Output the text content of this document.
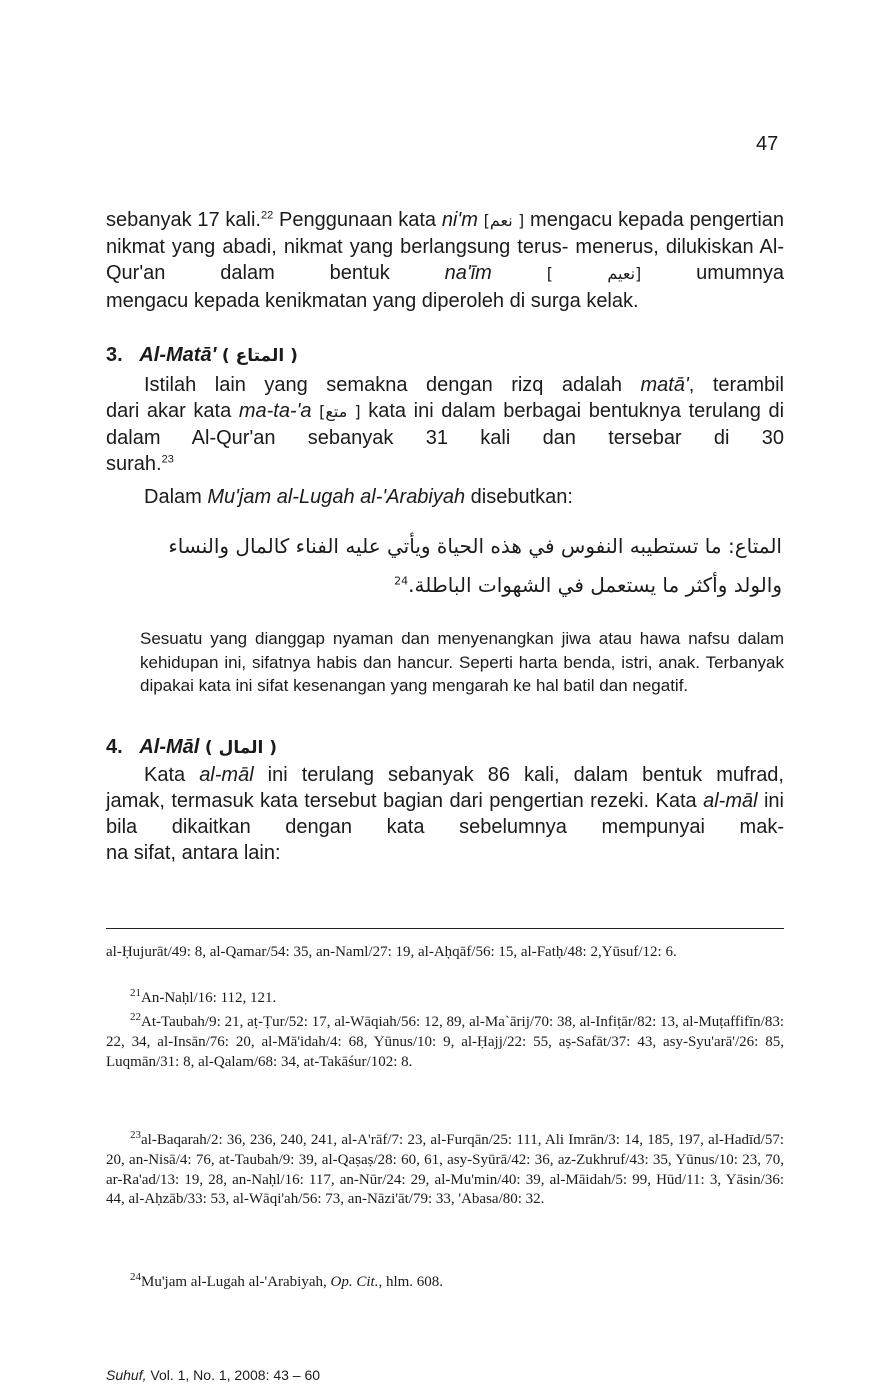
47
sebanyak 17 kali.$^{22}$ Penggunaan kata ni'm [نعم ] mengacu kepada pengertian nikmat yang abadi, nikmat yang berlangsung terus- menerus, dilukiskan Al-Qur'an dalam bentuk na'īm	[ نعيم] umumnya
mengacu kepada kenikmatan yang diperoleh di surga kelak.
3. Al-Matā' ( المتاع )
Istilah lain yang semakna dengan rizq adalah matā', terambil
dari akar kata ma-ta-'a [متع ] kata ini dalam berbagai bentuknya terulang di dalam Al-Qur'an sebanyak 31 kali dan tersebar di 30
surah.$^{23}$
Dalam Mu'jam al-Lugah al-'Arabiyah disebutkan:
المتاع: ما تستطيبه النفوس في هذه الحياة ويأتي عليه الفناء كالمال والنساء
والولد وأكثر ما يستعمل في الشهوات الباطلة.$^{24}$

Sesuatu yang dianggap nyaman dan menyenangkan jiwa atau hawa nafsu dalam kehidupan ini, sifatnya habis dan hancur. Seperti harta benda, istri, anak. Terbanyak dipakai kata ini sifat kesenangan yang mengarah ke hal batil dan negatif.

4. Al-Māl ( المال )
Kata al-māl ini terulang sebanyak 86 kali, dalam bentuk mufrad,
jamak, termasuk kata tersebut bagian dari pengertian rezeki. Kata al-māl ini bila dikaitkan dengan kata sebelumnya mempunyai mak-
na sifat, antara lain:

al-Ḥujurāt/49: 8, al-Qamar/54: 35, an-Naml/27: 19, al-Aḥqāf/56: 15, al-Fatḥ/48: 2,Yūsuf/12: 6.

$^{21}$An-Naḥl/16: 112, 121.

$^{22}$At-Taubah/9: 21, aṭ-Ṭur/52: 17, al-Wāqiah/56: 12, 89, al-Ma`ārij/70: 38, al-Infiṭār/82: 13, al-Muṭaffifīn/83: 22, 34, al-Insān/76: 20, al-Mā'idah/4: 68, Yūnus/10: 9, al-Ḥajj/22: 55, aṣ-Safāt/37: 43, asy-Syu'arā'/26: 85, Luqmān/31: 8, al-Qalam/68: 34, at-Takāśur/102: 8.

$^{23}$al-Baqarah/2: 36, 236, 240, 241, al-A'rāf/7: 23, al-Furqān/25: 111, Ali Imrān/3: 14, 185, 197, al-Hadīd/57: 20, an-Nisā/4: 76, at-Taubah/9: 39, al-Qaṣaṣ/28: 60, 61, asy-Syūrā/42: 36, az-Zukhruf/43: 35, Yūnus/10: 23, 70, ar-Ra'ad/13: 19, 28, an-Naḥl/16: 117, an-Nūr/24: 29, al-Mu'min/40: 39, al-Māidah/5: 99, Hūd/11: 3, Yāsin/36: 44, al-Aḥzāb/33: 53, al-Wāqi'ah/56: 73, an-Nāzi'āt/79: 33, 'Abasa/80: 32.

$^{24}$Mu'jam al-Lugah al-'Arabiyah, Op. Cit., hlm. 608.

Suhuf, Vol. 1, No. 1, 2008: 43 – 60
